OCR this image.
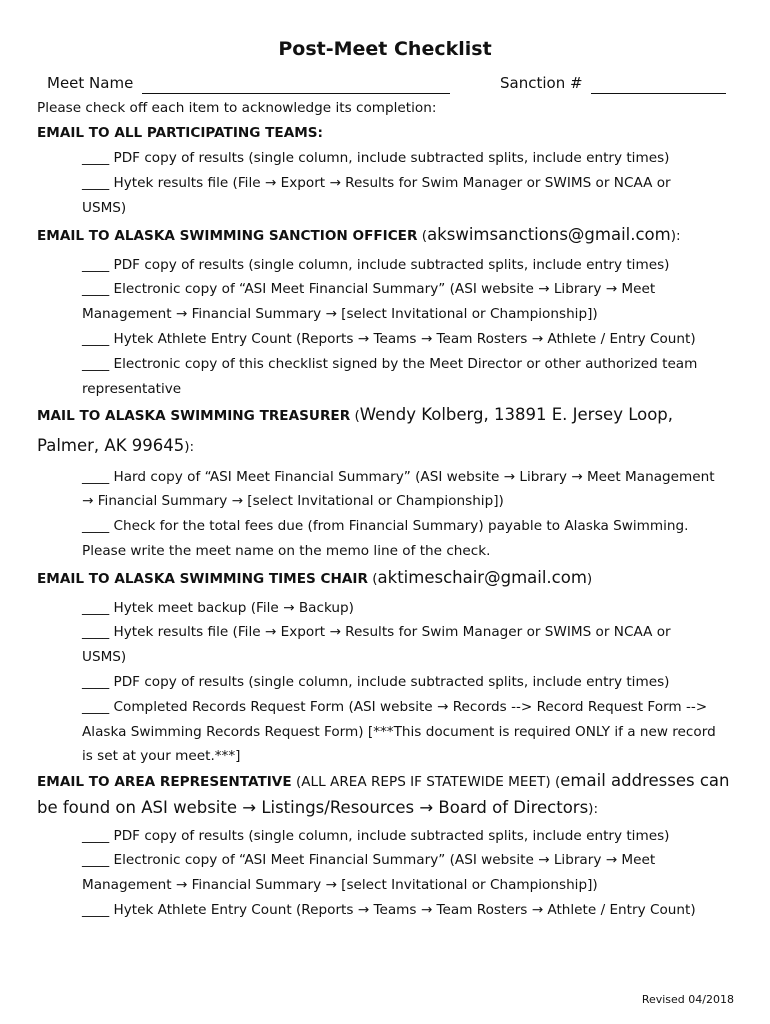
Post-Meet Checklist
Meet Name	Sanction #
Please check off each item to acknowledge its completion:
EMAIL TO ALL PARTICIPATING TEAMS:
____ PDF copy of results (single column, include subtracted splits, include entry times)
____ Hytek results file (File → Export → Results for Swim Manager or SWIMS or NCAA or
USMS)
EMAIL TO ALASKA SWIMMING SANCTION OFFICER (akswimsanctions@gmail.com):
____ PDF copy of results (single column, include subtracted splits, include entry times)
____ Electronic copy of “ASI Meet Financial Summary” (ASI website → Library → Meet
Management → Financial Summary → [select Invitational or Championship])
____ Hytek Athlete Entry Count (Reports → Teams → Team Rosters → Athlete / Entry Count)
____ Electronic copy of this checklist signed by the Meet Director or other authorized team
representative
MAIL TO ALASKA SWIMMING TREASURER (Wendy Kolberg, 13891 E. Jersey Loop,
Palmer, AK 99645):
____ Hard copy of “ASI Meet Financial Summary” (ASI website → Library → Meet Management
→ Financial Summary → [select Invitational or Championship])
____ Check for the total fees due (from Financial Summary) payable to Alaska Swimming.
Please write the meet name on the memo line of the check.
EMAIL TO ALASKA SWIMMING TIMES CHAIR (aktimeschair@gmail.com)
____ Hytek meet backup (File → Backup)
____ Hytek results file (File → Export → Results for Swim Manager or SWIMS or NCAA or
USMS)
____ PDF copy of results (single column, include subtracted splits, include entry times)
____ Completed Records Request Form (ASI website → Records --> Record Request Form -->
Alaska Swimming Records Request Form) [***This document is required ONLY if a new record
is set at your meet.***]
EMAIL TO AREA REPRESENTATIVE (ALL AREA REPS IF STATEWIDE MEET) (email addresses can
be found on ASI website → Listings/Resources → Board of Directors):
____ PDF copy of results (single column, include subtracted splits, include entry times)
____ Electronic copy of “ASI Meet Financial Summary” (ASI website → Library → Meet
Management → Financial Summary → [select Invitational or Championship])
____ Hytek Athlete Entry Count (Reports → Teams → Team Rosters → Athlete / Entry Count)
Revised 04/2018
